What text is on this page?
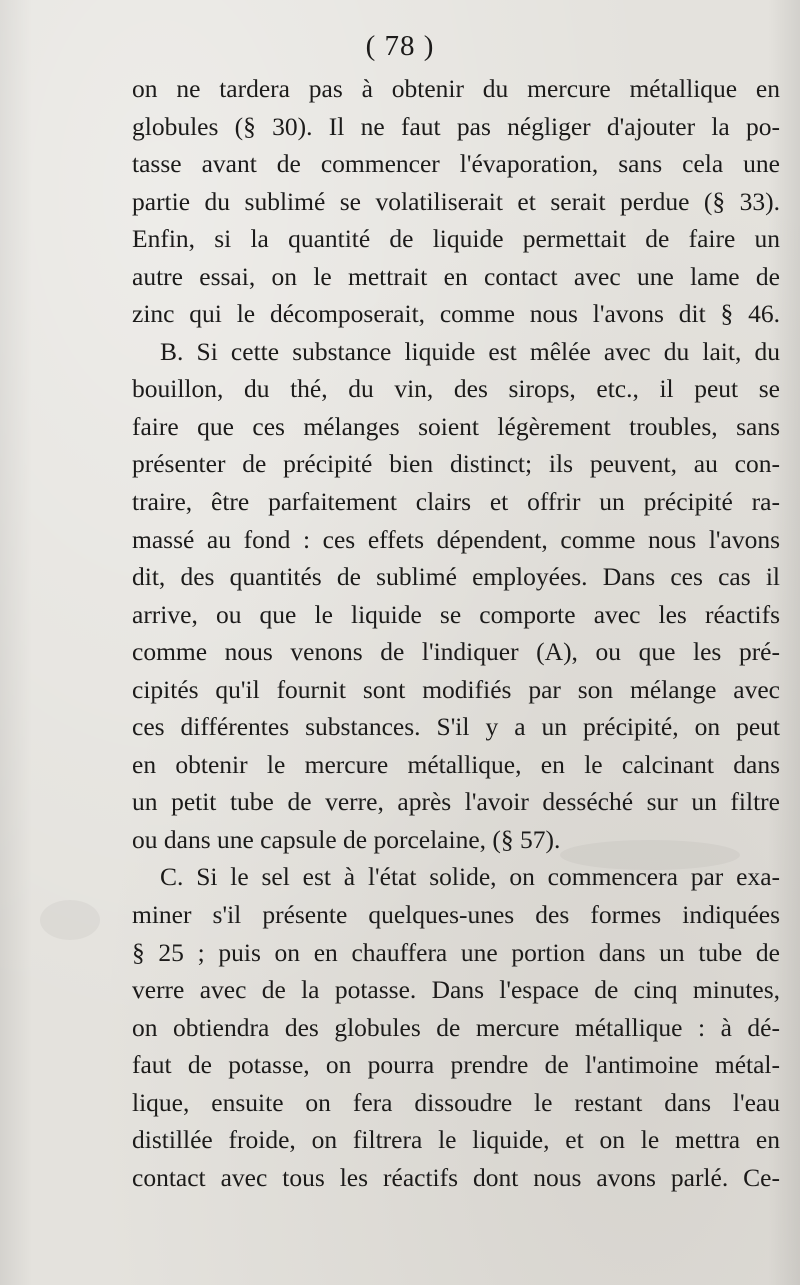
( 78 )
on ne tardera pas à obtenir du mercure métallique en
globules (§ 30). Il ne faut pas négliger d'ajouter la po-
tasse avant de commencer l'évaporation, sans cela une
partie du sublimé se volatiliserait et serait perdue (§ 33).
Enfin, si la quantité de liquide permettait de faire un
autre essai, on le mettrait en contact avec une lame de
zinc qui le décomposerait, comme nous l'avons dit § 46.
B. Si cette substance liquide est mêlée avec du lait, du
bouillon, du thé, du vin, des sirops, etc., il peut se
faire que ces mélanges soient légèrement troubles, sans
présenter de précipité bien distinct; ils peuvent, au con-
traire, être parfaitement clairs et offrir un précipité ra-
massé au fond : ces effets dépendent, comme nous l'avons
dit, des quantités de sublimé employées. Dans ces cas il
arrive, ou que le liquide se comporte avec les réactifs
comme nous venons de l'indiquer (A), ou que les pré-
cipités qu'il fournit sont modifiés par son mélange avec
ces différentes substances. S'il y a un précipité, on peut
en obtenir le mercure métallique, en le calcinant dans
un petit tube de verre, après l'avoir desséché sur un filtre
ou dans une capsule de porcelaine, (§ 57).
C. Si le sel est à l'état solide, on commencera par exa-
miner s'il présente quelques-unes des formes indiquées
§ 25 ; puis on en chauffera une portion dans un tube de
verre avec de la potasse. Dans l'espace de cinq minutes,
on obtiendra des globules de mercure métallique : à dé-
faut de potasse, on pourra prendre de l'antimoine métal-
lique, ensuite on fera dissoudre le restant dans l'eau
distillée froide, on filtrera le liquide, et on le mettra en
contact avec tous les réactifs dont nous avons parlé. Ce-
